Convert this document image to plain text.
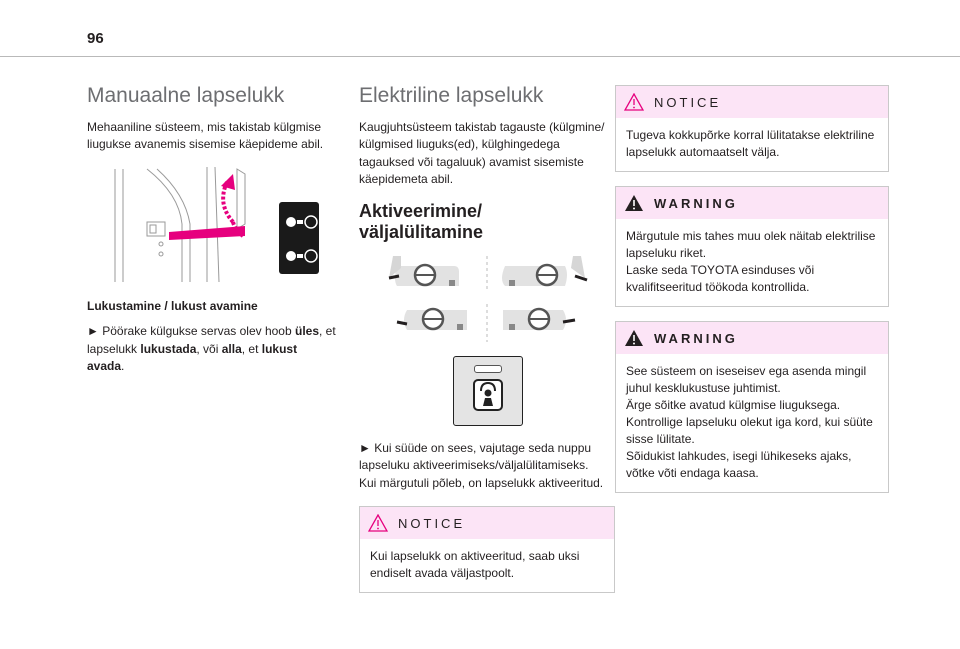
96
Manuaalne lapselukk

Mehaaniline süsteem, mis takistab külgmise liugukse avanemis sisemise käepideme abil.

Lukustamine / lukust avamine

► Pöörake külgukse servas olev hoob üles, et lapselukk lukustada, või alla, et lukust avada.

Elektriline lapselukk

Kaugjuhtsüsteem takistab tagauste (külgmine/ külgmised liuguks(ed), külghingedega tagauksed või tagaluuk) avamist sisemiste käepidemeta abil.

Aktiveerimine/
väljalülitamine

► Kui süüde on sees, vajutage seda nuppu lapseluku aktiveerimiseks/väljalülitamiseks.

Kui märgutuli põleb, on lapselukk aktiveeritud.

NOTICE

Kui lapselukk on aktiveeritud, saab uksi endiselt avada väljastpoolt.

NOTICE

Tugeva kokkupõrke korral lülitatakse elektriline lapselukk automaatselt välja.

WARNING

Märgutule mis tahes muu olek näitab elektrilise lapseluku riket.

Laske seda TOYOTA esinduses või kvalifitseeritud töökoda kontrollida.

WARNING

See süsteem on iseseisev ega asenda mingil juhul kesklukustuse juhtimist.

Ärge sõitke avatud külgmise liuguksega.

Kontrollige lapseluku olekut iga kord, kui süüte sisse lülitate.

Sõidukist lahkudes, isegi lühikeseks ajaks, võtke võti endaga kaasa.
